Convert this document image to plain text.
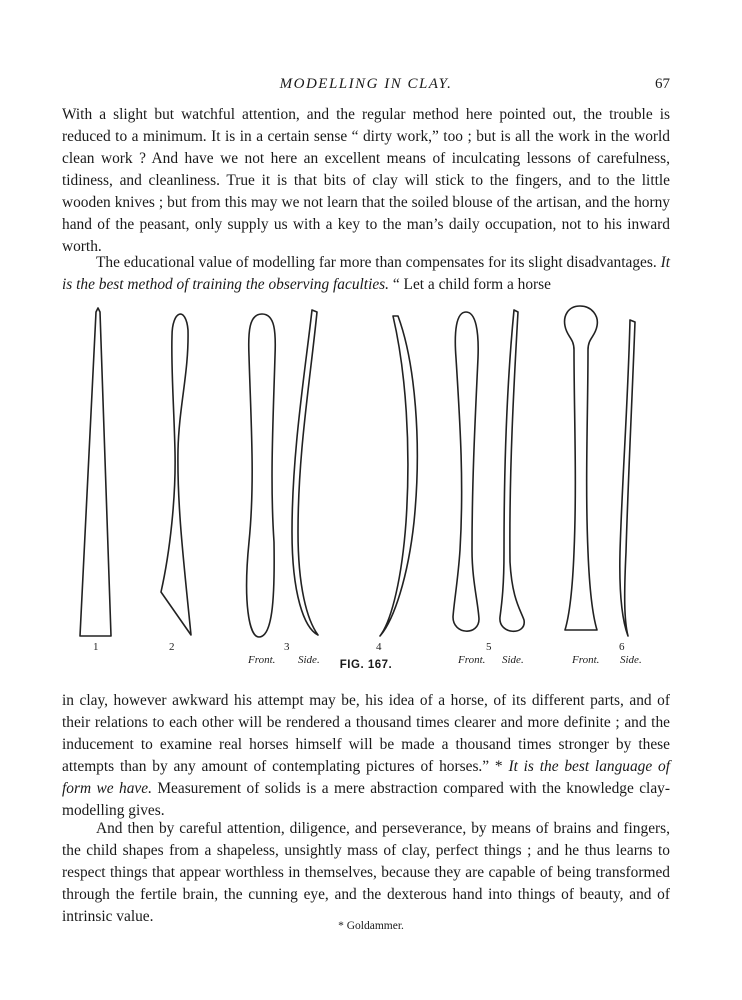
MODELLING IN CLAY.	67

With a slight but watchful attention, and the regular method here pointed out, the trouble is reduced to a minimum. It is in a certain sense “ dirty work,” too ; but is all the work in the world clean work ? And have we not here an excellent means of inculcating lessons of carefulness, tidiness, and cleanliness. True it is that bits of clay will stick to the fingers, and to the little wooden knives ; but from this may we not learn that the soiled blouse of the artisan, and the horny hand of the peasant, only supply us with a key to the man’s daily occupation, not to his inward worth.

The educational value of modelling far more than compensates for its slight disadvantages. It is the best method of training the observing faculties. “ Let a child form a horse

1	2	3	4	5	6
Front. Side.	Front. Side.	Front. Side.
FIG. 167.

in clay, however awkward his attempt may be, his idea of a horse, of its different parts, and of their relations to each other will be rendered a thousand times clearer and more definite ; and the inducement to examine real horses himself will be made a thousand times stronger by these attempts than by any amount of contemplating pictures of horses.” * It is the best language of form we have. Measurement of solids is a mere abstraction compared with the knowledge clay-modelling gives.

And then by careful attention, diligence, and perseverance, by means of brains and fingers, the child shapes from a shapeless, unsightly mass of clay, perfect things ; and he thus learns to respect things that appear worthless in themselves, because they are capable of being transformed through the fertile brain, the cunning eye, and the dexterous hand into things of beauty, and of intrinsic value.

* Goldammer.
